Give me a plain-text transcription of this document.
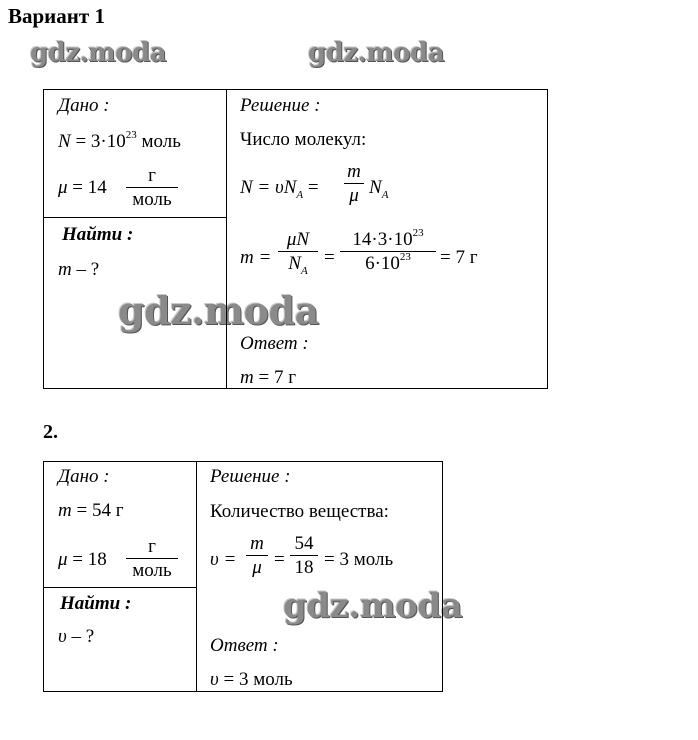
Вариант 1
gdz.moda	gdz.moda
gdz.moda
gdz.moda
Дано :
$N = 3\cdot 10^{23}$ моль
μ = 14
г
моль
Найти :
m – ?
Решение :
Число молекул:
$N = \upsilon N_A = \frac{m}{\mu} N_A$
$m = \frac{\mu N}{N_A} = \frac{14\cdot 3\cdot 10^{23}}{6\cdot 10^{23}} = 7$ г
Ответ :
m = 7 г
2.
Дано :
m = 54 г
μ = 18
г
моль
Найти :
υ – ?
Решение :
Количество вещества:
$\upsilon = \frac{m}{\mu} = \frac{54}{18} = 3$ моль
Ответ :
υ = 3 моль
